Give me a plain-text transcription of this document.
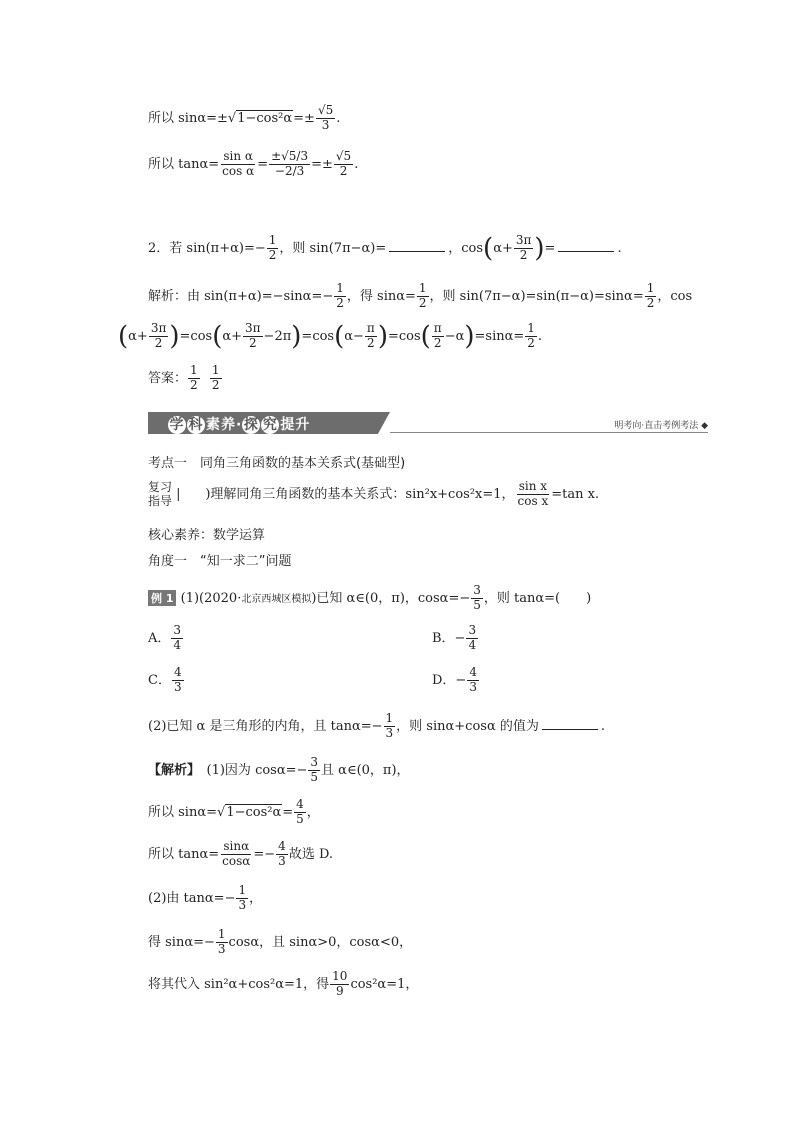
所以 $\sin\alpha=\pm√1-\cos^2\alpha=\pm \frac{√5}{3}$ .
所以 $\tan\alpha= \frac{\text{sin α}}{\text{cos α}} = \frac{\pm√5/3}{-2/3} =\pm \frac{√5}{2}$ .
2．若 $\sin(\pi+\alpha)=- \frac{1}{2}$ ，则 sin(7π−α)=	，$\cos(\alpha+ \frac{3\pi}{2}$ )=	.
解析：由 $\sin(\pi+\alpha)=-\sin\alpha=- \frac{1}{2}$ ，得 $\sin\alpha= \frac{1}{2}$ ，则 $\sin(7\pi-\alpha)=\sin(\pi-\alpha)=\sin\alpha= \frac{1}{2}$ ，cos
$(\alpha+ \frac{3\pi}{2} )=\cos(\alpha+ \frac{3\pi}{2} -2\pi)=\cos(\alpha- \frac{\pi}{2} )=\cos( \frac{\pi}{2} -\alpha)=\sin\alpha= \frac{1}{2}$ .
答案： $\frac{1}{2}$
$\frac{1}{2}$
学 科 素养· 探 究 提升	明考向·直击考例考法 ◆
考点一　同角三角函数的基本关系式(基础型)
复习
指导 |      )理解同角三角函数的基本关系式：sin²x+cos²x=1， $\frac{\text{sin x}}{\text{cos x}} =\tan$ x.
核心素养：数学运算
角度一　“知一求二”问题
例 1 (1)(2020·北京西城区模拟)已知 α∈(0，π)，$\cos\alpha=- \frac{3}{5}$ ，则 tanα=(　　)
A． $\frac{3}{4}$	B．− $\frac{3}{4}$
C． $\frac{4}{3}$	D．− $\frac{4}{3}$
(2)已知 α 是三角形的内角，且 $\tan\alpha=- \frac{1}{3}$ ，则 sinα+cosα 的值为	.
【解析】　(1)因为 $\cos\alpha=- \frac{3}{5}$ 且 α∈(0，π)，
所以 $\sin\alpha=√1-\cos^2\alpha= \frac{4}{5}$ ，
所以 $\tan\alpha= \frac{\sin\alpha}{\cos\alpha} =- \frac{4}{3}$ 故选 D.
(2)由 $\tan\alpha=- \frac{1}{3}$ ，
得 $\sin\alpha=- \frac{1}{3}$ cosα，且 sinα>0，cosα<0，
将其代入 sin²α+cos²α=1，得 $\frac{10}{9} \cos^2\alpha=1$，
